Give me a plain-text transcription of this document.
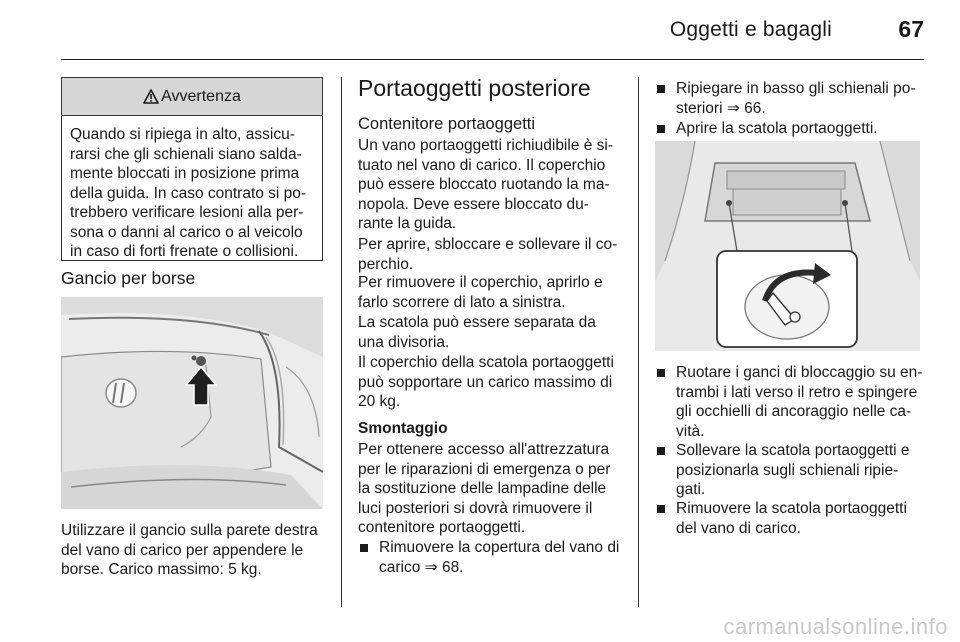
Oggetti e bagagli	67
Avvertenza
Quando si ripiega in alto, assicu-
rarsi che gli schienali siano salda-
mente bloccati in posizione prima
della guida. In caso contrato si po-
trebbero verificare lesioni alla per-
sona o danni al carico o al veicolo
in caso di forti frenate o collisioni.
Gancio per borse
Utilizzare il gancio sulla parete destra
del vano di carico per appendere le
borse. Carico massimo: 5 kg.
Portaoggetti posteriore
Contenitore portaoggetti
Un vano portaoggetti richiudibile è si-
tuato nel vano di carico. Il coperchio
può essere bloccato ruotando la ma-
nopola. Deve essere bloccato du-
rante la guida.
Per aprire, sbloccare e sollevare il co-
perchio.
Per rimuovere il coperchio, aprirlo e
farlo scorrere di lato a sinistra.
La scatola può essere separata da
una divisoria.
Il coperchio della scatola portaoggetti
può sopportare un carico massimo di
20 kg.
Smontaggio
Per ottenere accesso all'attrezzatura
per le riparazioni di emergenza o per
la sostituzione delle lampadine delle
luci posteriori si dovrà rimuovere il
contenitore portaoggetti.
Rimuovere la copertura del vano di
carico ⇒ 68.
Ripiegare in basso gli schienali po-
steriori ⇒ 66.
Aprire la scatola portaoggetti.
Ruotare i ganci di bloccaggio su en-
trambi i lati verso il retro e spingere
gli occhielli di ancoraggio nelle ca-
vità.
Sollevare la scatola portaoggetti e
posizionarla sugli schienali ripie-
gati.
Rimuovere la scatola portaoggetti
del vano di carico.
carmanualsonline.info
